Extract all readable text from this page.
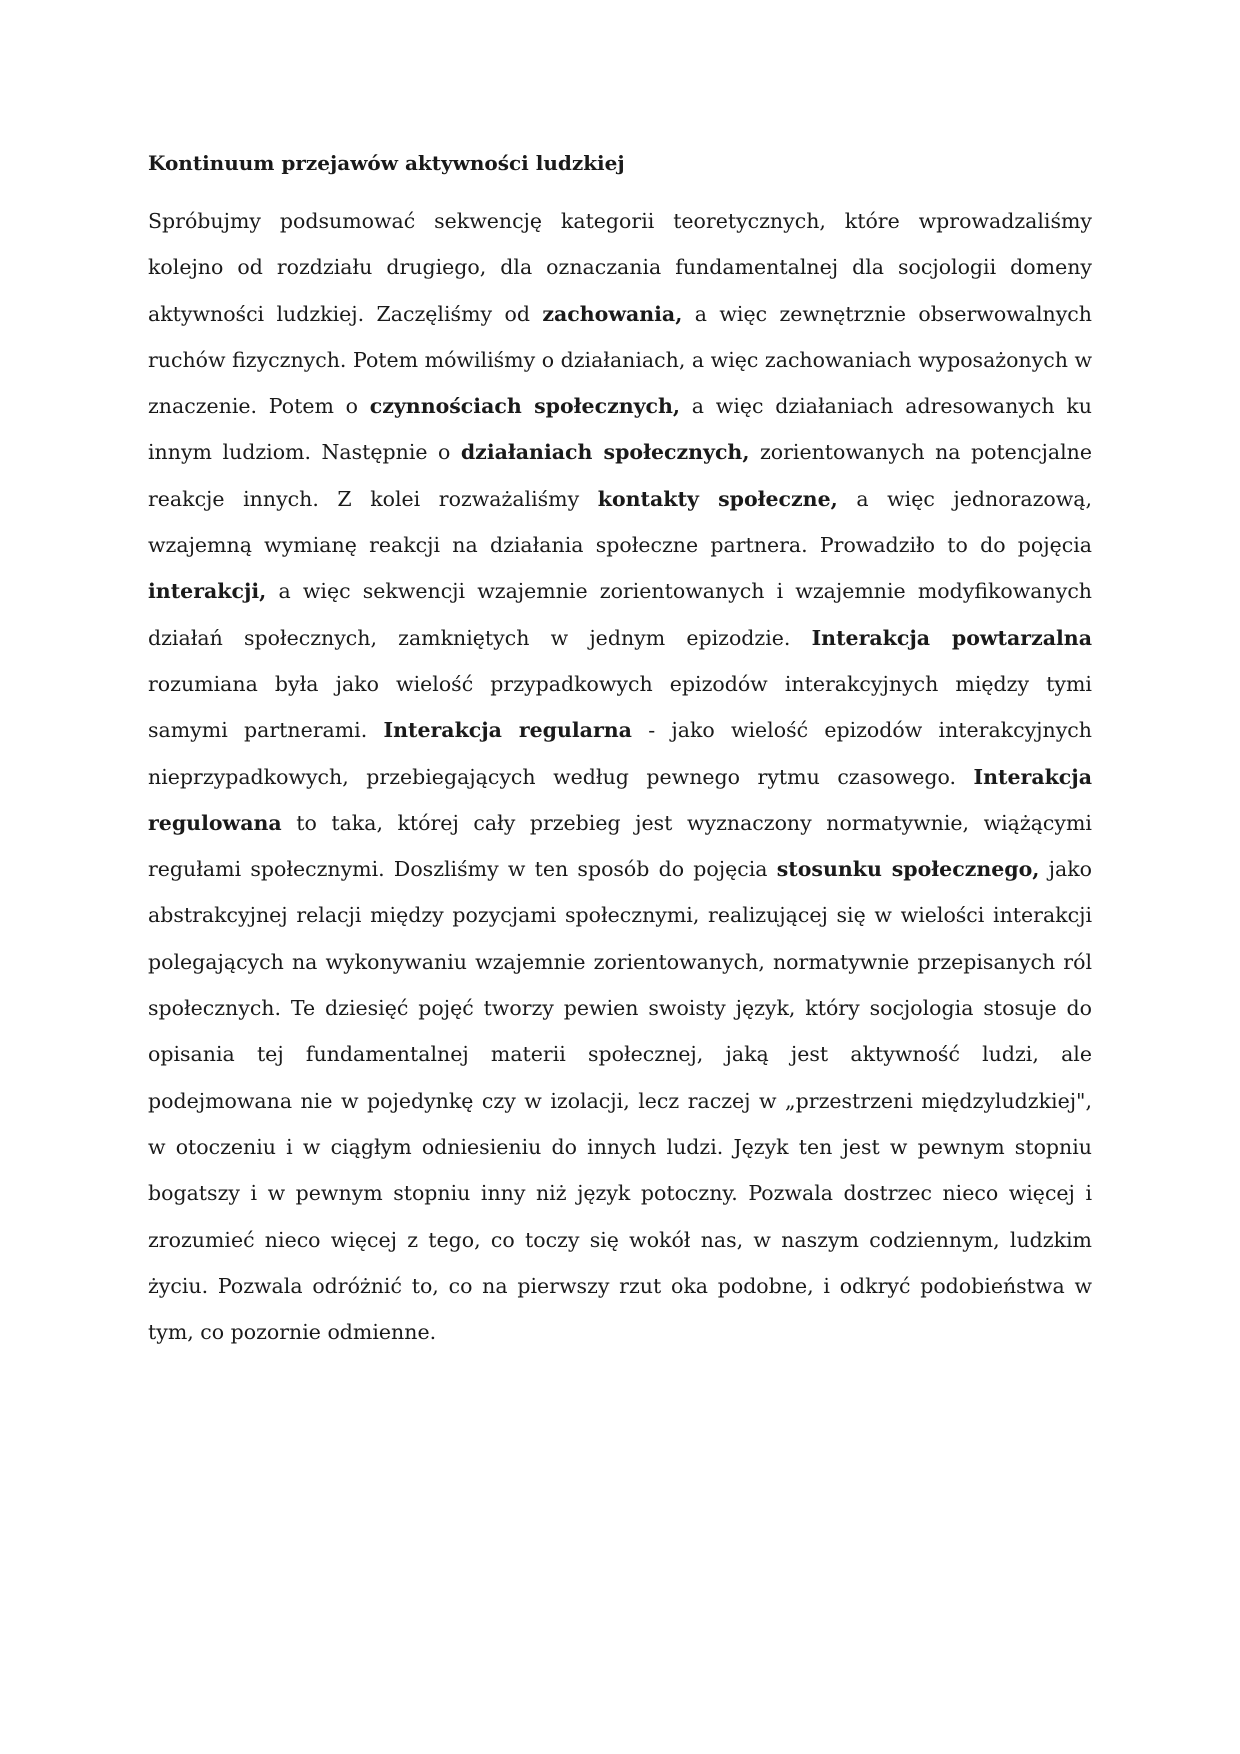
Kontinuum przejawów aktywności ludzkiej

Spróbujmy podsumować sekwencję kategorii teoretycznych, które wprowadzaliśmy kolejno od rozdziału drugiego, dla oznaczania fundamentalnej dla socjologii domeny aktywności ludzkiej. Zaczęliśmy od zachowania, a więc zewnętrznie obserwowalnych ruchów fizycznych. Potem mówiliśmy o działaniach, a więc zachowaniach wyposażonych w znaczenie. Potem o czynnościach społecznych, a więc działaniach adresowanych ku innym ludziom. Następnie o działaniach społecznych, zorientowanych na potencjalne reakcje innych. Z kolei rozważaliśmy kontakty społeczne, a więc jednorazową, wzajemną wymianę reakcji na działania społeczne partnera. Prowadziło to do pojęcia interakcji, a więc sekwencji wzajemnie zorientowanych i wzajemnie modyfikowanych działań społecznych, zamkniętych w jednym epizodzie. Interakcja powtarzalna rozumiana była jako wielość przypadkowych epizodów interakcyjnych między tymi samymi partnerami. Interakcja regularna - jako wielość epizodów interakcyjnych nieprzypadkowych, przebiegających według pewnego rytmu czasowego. Interakcja regulowana to taka, której cały przebieg jest wyznaczony normatywnie, wiążącymi regułami społecznymi. Doszliśmy w ten sposób do pojęcia stosunku społecznego, jako abstrakcyjnej relacji między pozycjami społecznymi, realizującej się w wielości interakcji polegających na wykonywaniu wzajemnie zorientowanych, normatywnie przepisanych ról społecznych. Te dziesięć pojęć tworzy pewien swoisty język, który socjologia stosuje do opisania tej fundamentalnej materii społecznej, jaką jest aktywność ludzi, ale podejmowana nie w pojedynkę czy w izolacji, lecz raczej w „przestrzeni międzyludzkiej", w otoczeniu i w ciągłym odniesieniu do innych ludzi. Język ten jest w pewnym stopniu bogatszy i w pewnym stopniu inny niż język potoczny. Pozwala dostrzec nieco więcej i zrozumieć nieco więcej z tego, co toczy się wokół nas, w naszym codziennym, ludzkim życiu. Pozwala odróżnić to, co na pierwszy rzut oka podobne, i odkryć podobieństwa w tym, co pozornie odmienne.
